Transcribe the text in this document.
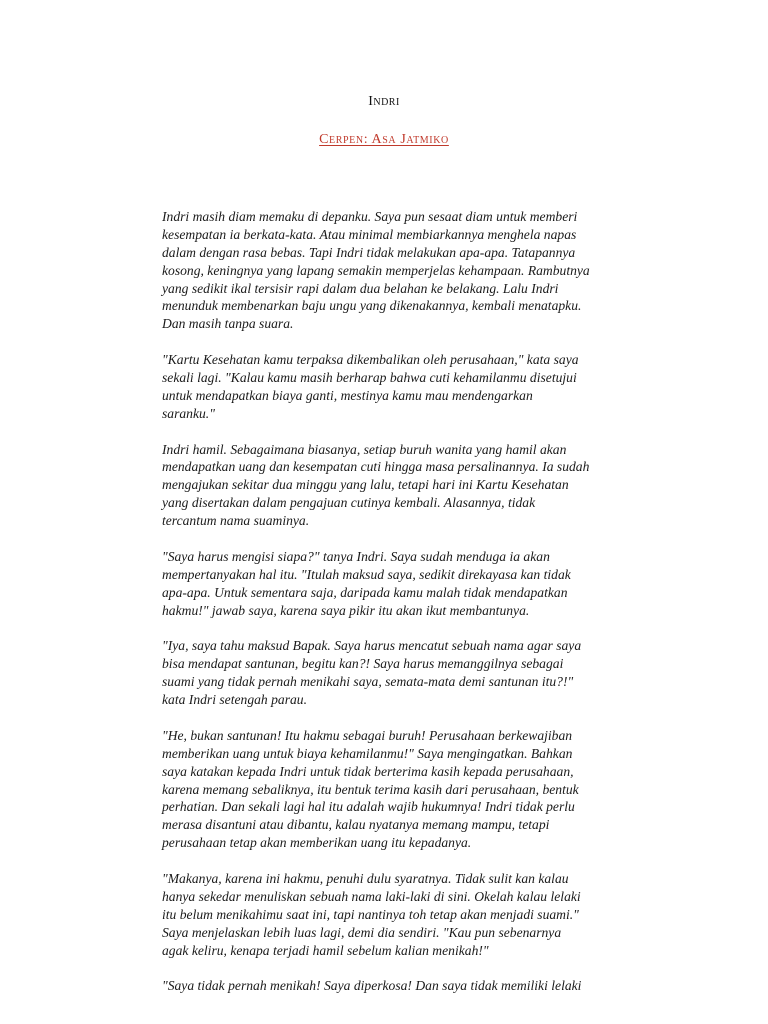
Indri
Cerpen: Asa Jatmiko
Indri masih diam memaku di depanku. Saya pun sesaat diam untuk memberi
kesempatan ia berkata-kata. Atau minimal membiarkannya menghela napas
dalam dengan rasa bebas. Tapi Indri tidak melakukan apa-apa. Tatapannya
kosong, keningnya yang lapang semakin memperjelas kehampaan. Rambutnya
yang sedikit ikal tersisir rapi dalam dua belahan ke belakang. Lalu Indri
menunduk membenarkan baju ungu yang dikenakannya, kembali menatapku.
Dan masih tanpa suara.
"Kartu Kesehatan kamu terpaksa dikembalikan oleh perusahaan," kata saya
sekali lagi. "Kalau kamu masih berharap bahwa cuti kehamilanmu disetujui
untuk mendapatkan biaya ganti, mestinya kamu mau mendengarkan
saranku."
Indri hamil. Sebagaimana biasanya, setiap buruh wanita yang hamil akan
mendapatkan uang dan kesempatan cuti hingga masa persalinannya. Ia sudah
mengajukan sekitar dua minggu yang lalu, tetapi hari ini Kartu Kesehatan
yang disertakan dalam pengajuan cutinya kembali. Alasannya, tidak
tercantum nama suaminya.
"Saya harus mengisi siapa?" tanya Indri. Saya sudah menduga ia akan
mempertanyakan hal itu. "Itulah maksud saya, sedikit direkayasa kan tidak
apa-apa. Untuk sementara saja, daripada kamu malah tidak mendapatkan
hakmu!" jawab saya, karena saya pikir itu akan ikut membantunya.
"Iya, saya tahu maksud Bapak. Saya harus mencatut sebuah nama agar saya
bisa mendapat santunan, begitu kan?! Saya harus memanggilnya sebagai
suami yang tidak pernah menikahi saya, semata-mata demi santunan itu?!"
kata Indri setengah parau.
"He, bukan santunan! Itu hakmu sebagai buruh! Perusahaan berkewajiban
memberikan uang untuk biaya kehamilanmu!" Saya mengingatkan. Bahkan
saya katakan kepada Indri untuk tidak berterima kasih kepada perusahaan,
karena memang sebaliknya, itu bentuk terima kasih dari perusahaan, bentuk
perhatian. Dan sekali lagi hal itu adalah wajib hukumnya! Indri tidak perlu
merasa disantuni atau dibantu, kalau nyatanya memang mampu, tetapi
perusahaan tetap akan memberikan uang itu kepadanya.
"Makanya, karena ini hakmu, penuhi dulu syaratnya. Tidak sulit kan kalau
hanya sekedar menuliskan sebuah nama laki-laki di sini. Okelah kalau lelaki
itu belum menikahimu saat ini, tapi nantinya toh tetap akan menjadi suami."
Saya menjelaskan lebih luas lagi, demi dia sendiri. "Kau pun sebenarnya
agak keliru, kenapa terjadi hamil sebelum kalian menikah!"
"Saya tidak pernah menikah! Saya diperkosa! Dan saya tidak memiliki lelaki
